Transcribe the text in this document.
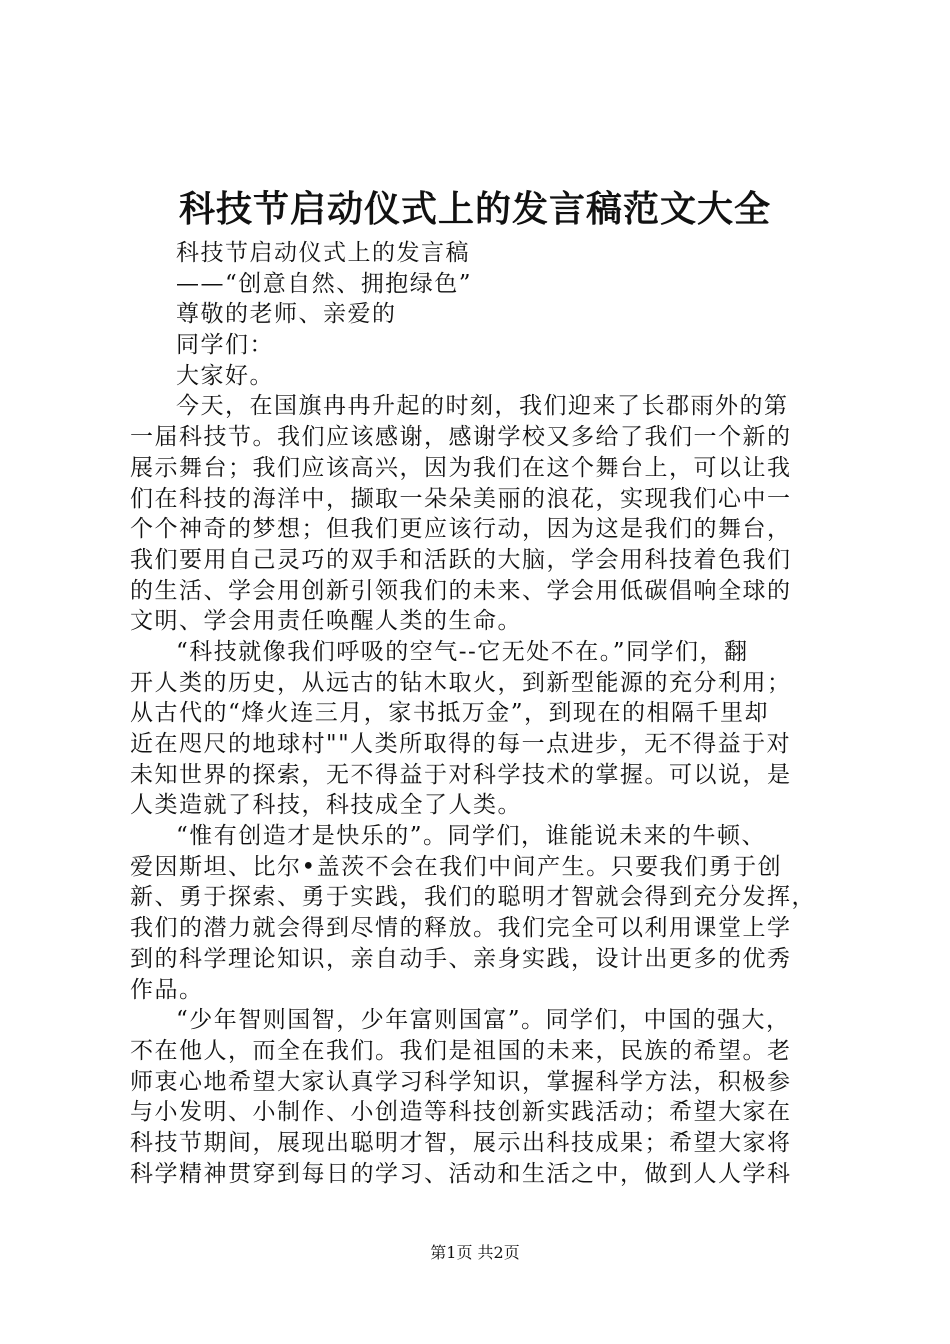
科技节启动仪式上的发言稿范文大全
科技节启动仪式上的发言稿
——“创意自然、拥抱绿色”
尊敬的老师、亲爱的
同学们：
大家好。
今天，在国旗冉冉升起的时刻，我们迎来了长郡雨外的第
一届科技节。我们应该感谢，感谢学校又多给了我们一个新的
展示舞台；我们应该高兴，因为我们在这个舞台上，可以让我
们在科技的海洋中，撷取一朵朵美丽的浪花，实现我们心中一
个个神奇的梦想；但我们更应该行动，因为这是我们的舞台，
我们要用自己灵巧的双手和活跃的大脑，学会用科技着色我们
的生活、学会用创新引领我们的未来、学会用低碳倡响全球的
文明、学会用责任唤醒人类的生命。
“科技就像我们呼吸的空气--它无处不在。”同学们，翻
开人类的历史，从远古的钻木取火，到新型能源的充分利用；
从古代的“烽火连三月，家书抵万金”，到现在的相隔千里却
近在咫尺的地球村""人类所取得的每一点进步，无不得益于对
未知世界的探索，无不得益于对科学技术的掌握。可以说，是
人类造就了科技，科技成全了人类。
“惟有创造才是快乐的”。同学们，谁能说未来的牛顿、
爱因斯坦、比尔•盖茨不会在我们中间产生。只要我们勇于创
新、勇于探索、勇于实践，我们的聪明才智就会得到充分发挥，
我们的潜力就会得到尽情的释放。我们完全可以利用课堂上学
到的科学理论知识，亲自动手、亲身实践，设计出更多的优秀
作品。
“少年智则国智，少年富则国富”。同学们，中国的强大，
不在他人，而全在我们。我们是祖国的未来，民族的希望。老
师衷心地希望大家认真学习科学知识，掌握科学方法，积极参
与小发明、小制作、小创造等科技创新实践活动；希望大家在
科技节期间，展现出聪明才智，展示出科技成果；希望大家将
科学精神贯穿到每日的学习、活动和生活之中，做到人人学科
第1页 共2页
